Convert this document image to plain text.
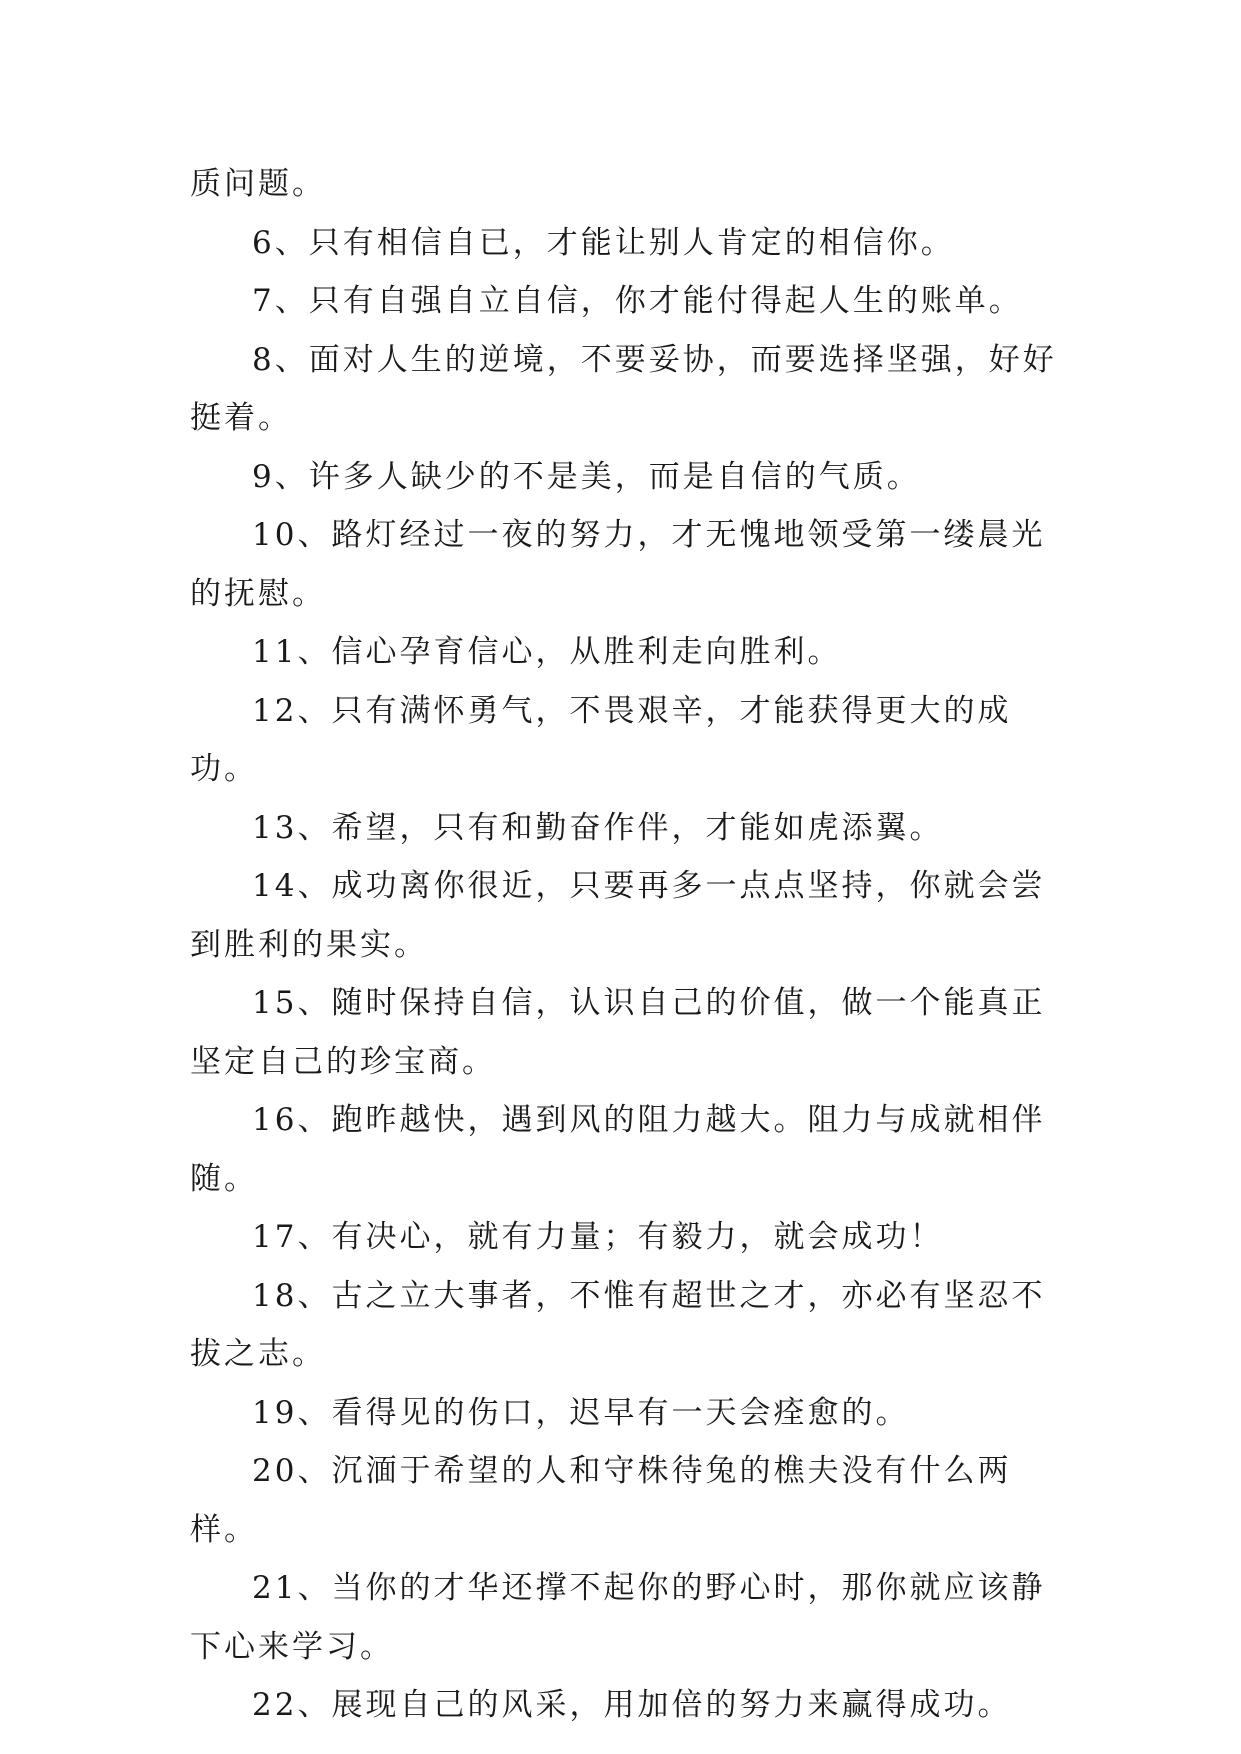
质问题。

6、只有相信自已，才能让别人肯定的相信你。

7、只有自强自立自信，你才能付得起人生的账单。

8、面对人生的逆境，不要妥协，而要选择坚强，好好挺着。

9、许多人缺少的不是美，而是自信的气质。

10、路灯经过一夜的努力，才无愧地领受第一缕晨光的抚慰。

11、信心孕育信心，从胜利走向胜利。

12、只有满怀勇气，不畏艰辛，才能获得更大的成功。

13、希望，只有和勤奋作伴，才能如虎添翼。

14、成功离你很近，只要再多一点点坚持，你就会尝到胜利的果实。

15、随时保持自信，认识自己的价值，做一个能真正坚定自己的珍宝商。

16、跑昨越快，遇到风的阻力越大。阻力与成就相伴随。

17、有决心，就有力量；有毅力，就会成功！

18、古之立大事者，不惟有超世之才，亦必有坚忍不拔之志。

19、看得见的伤口，迟早有一天会痊愈的。

20、沉湎于希望的人和守株待兔的樵夫没有什么两样。

21、当你的才华还撑不起你的野心时，那你就应该静下心来学习。

22、展现自己的风采，用加倍的努力来赢得成功。
